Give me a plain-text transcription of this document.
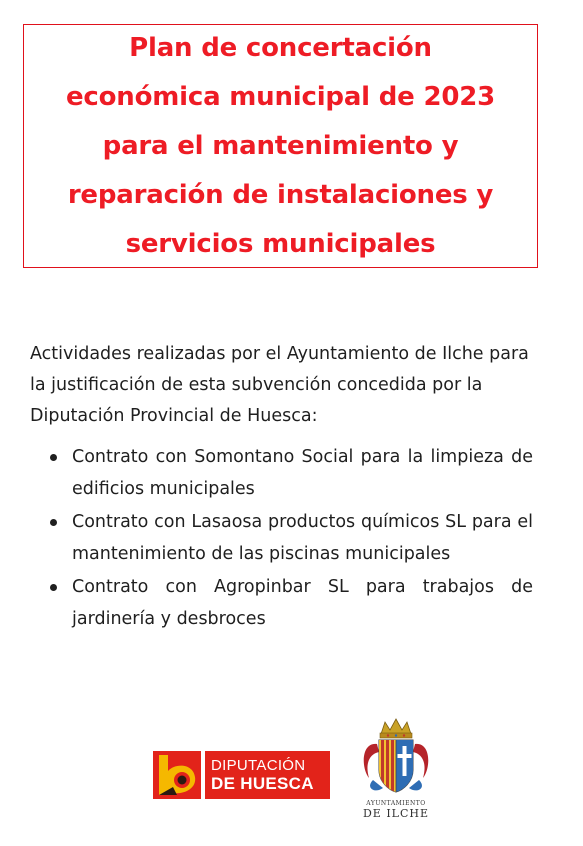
Plan de concertación
económica municipal de 2023
para el mantenimiento y
reparación de instalaciones y
servicios municipales

Actividades realizadas por el Ayuntamiento de Ilche para la justificación de esta subvención concedida por la Diputación Provincial de Huesca:

Contrato con Somontano Social para la limpieza de edificios municipales
Contrato con Lasaosa productos químicos SL para el mantenimiento de las piscinas municipales
Contrato con Agropinbar SL para trabajos de jardinería y desbroces
DIPUTACIÓN
DE HUESCA
AYUNTAMIENTO
DE ILCHE
